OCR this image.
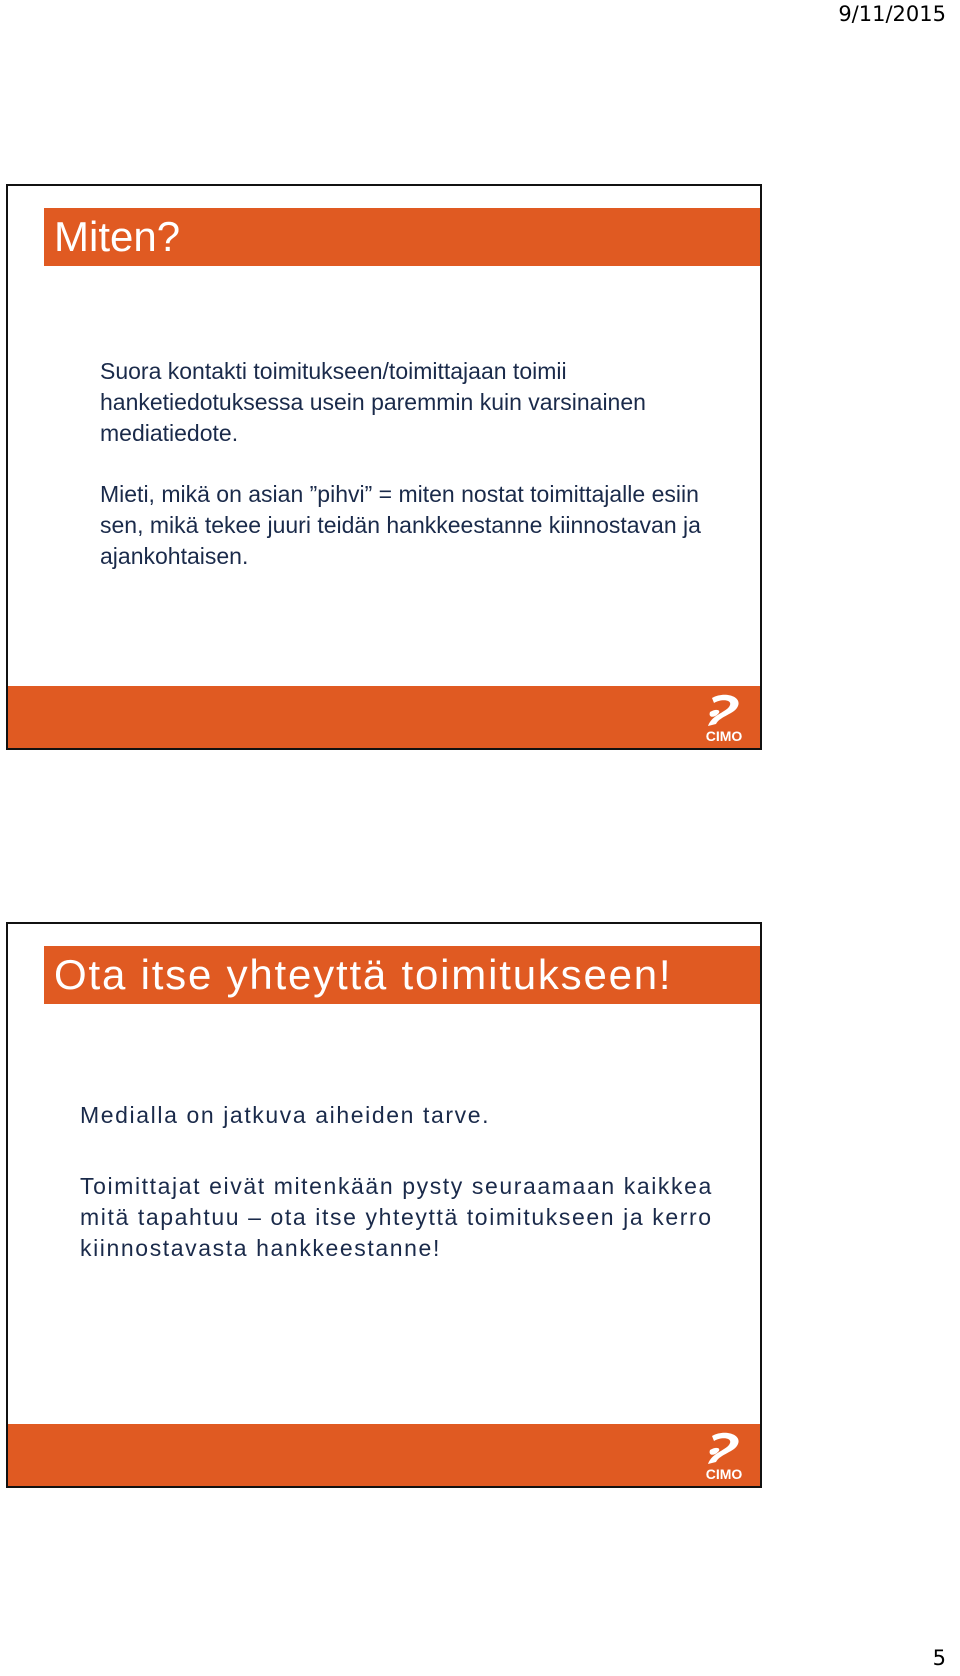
9/11/2015
Miten?

Suora kontakti toimitukseen/toimittajaan toimii hanketiedotuksessa usein paremmin kuin varsinainen mediatiedote.

Mieti, mikä on asian ”pihvi” = miten nostat toimittajalle esiin sen, mikä tekee juuri teidän hankkeestanne kiinnostavan ja ajankohtaisen.

CIMO
Ota itse yhteyttä toimitukseen!

Medialla on jatkuva aiheiden tarve.

Toimittajat eivät mitenkään pysty seuraamaan kaikkea mitä tapahtuu – ota itse yhteyttä toimitukseen ja kerro kiinnostavasta hankkeestanne!

CIMO
5
